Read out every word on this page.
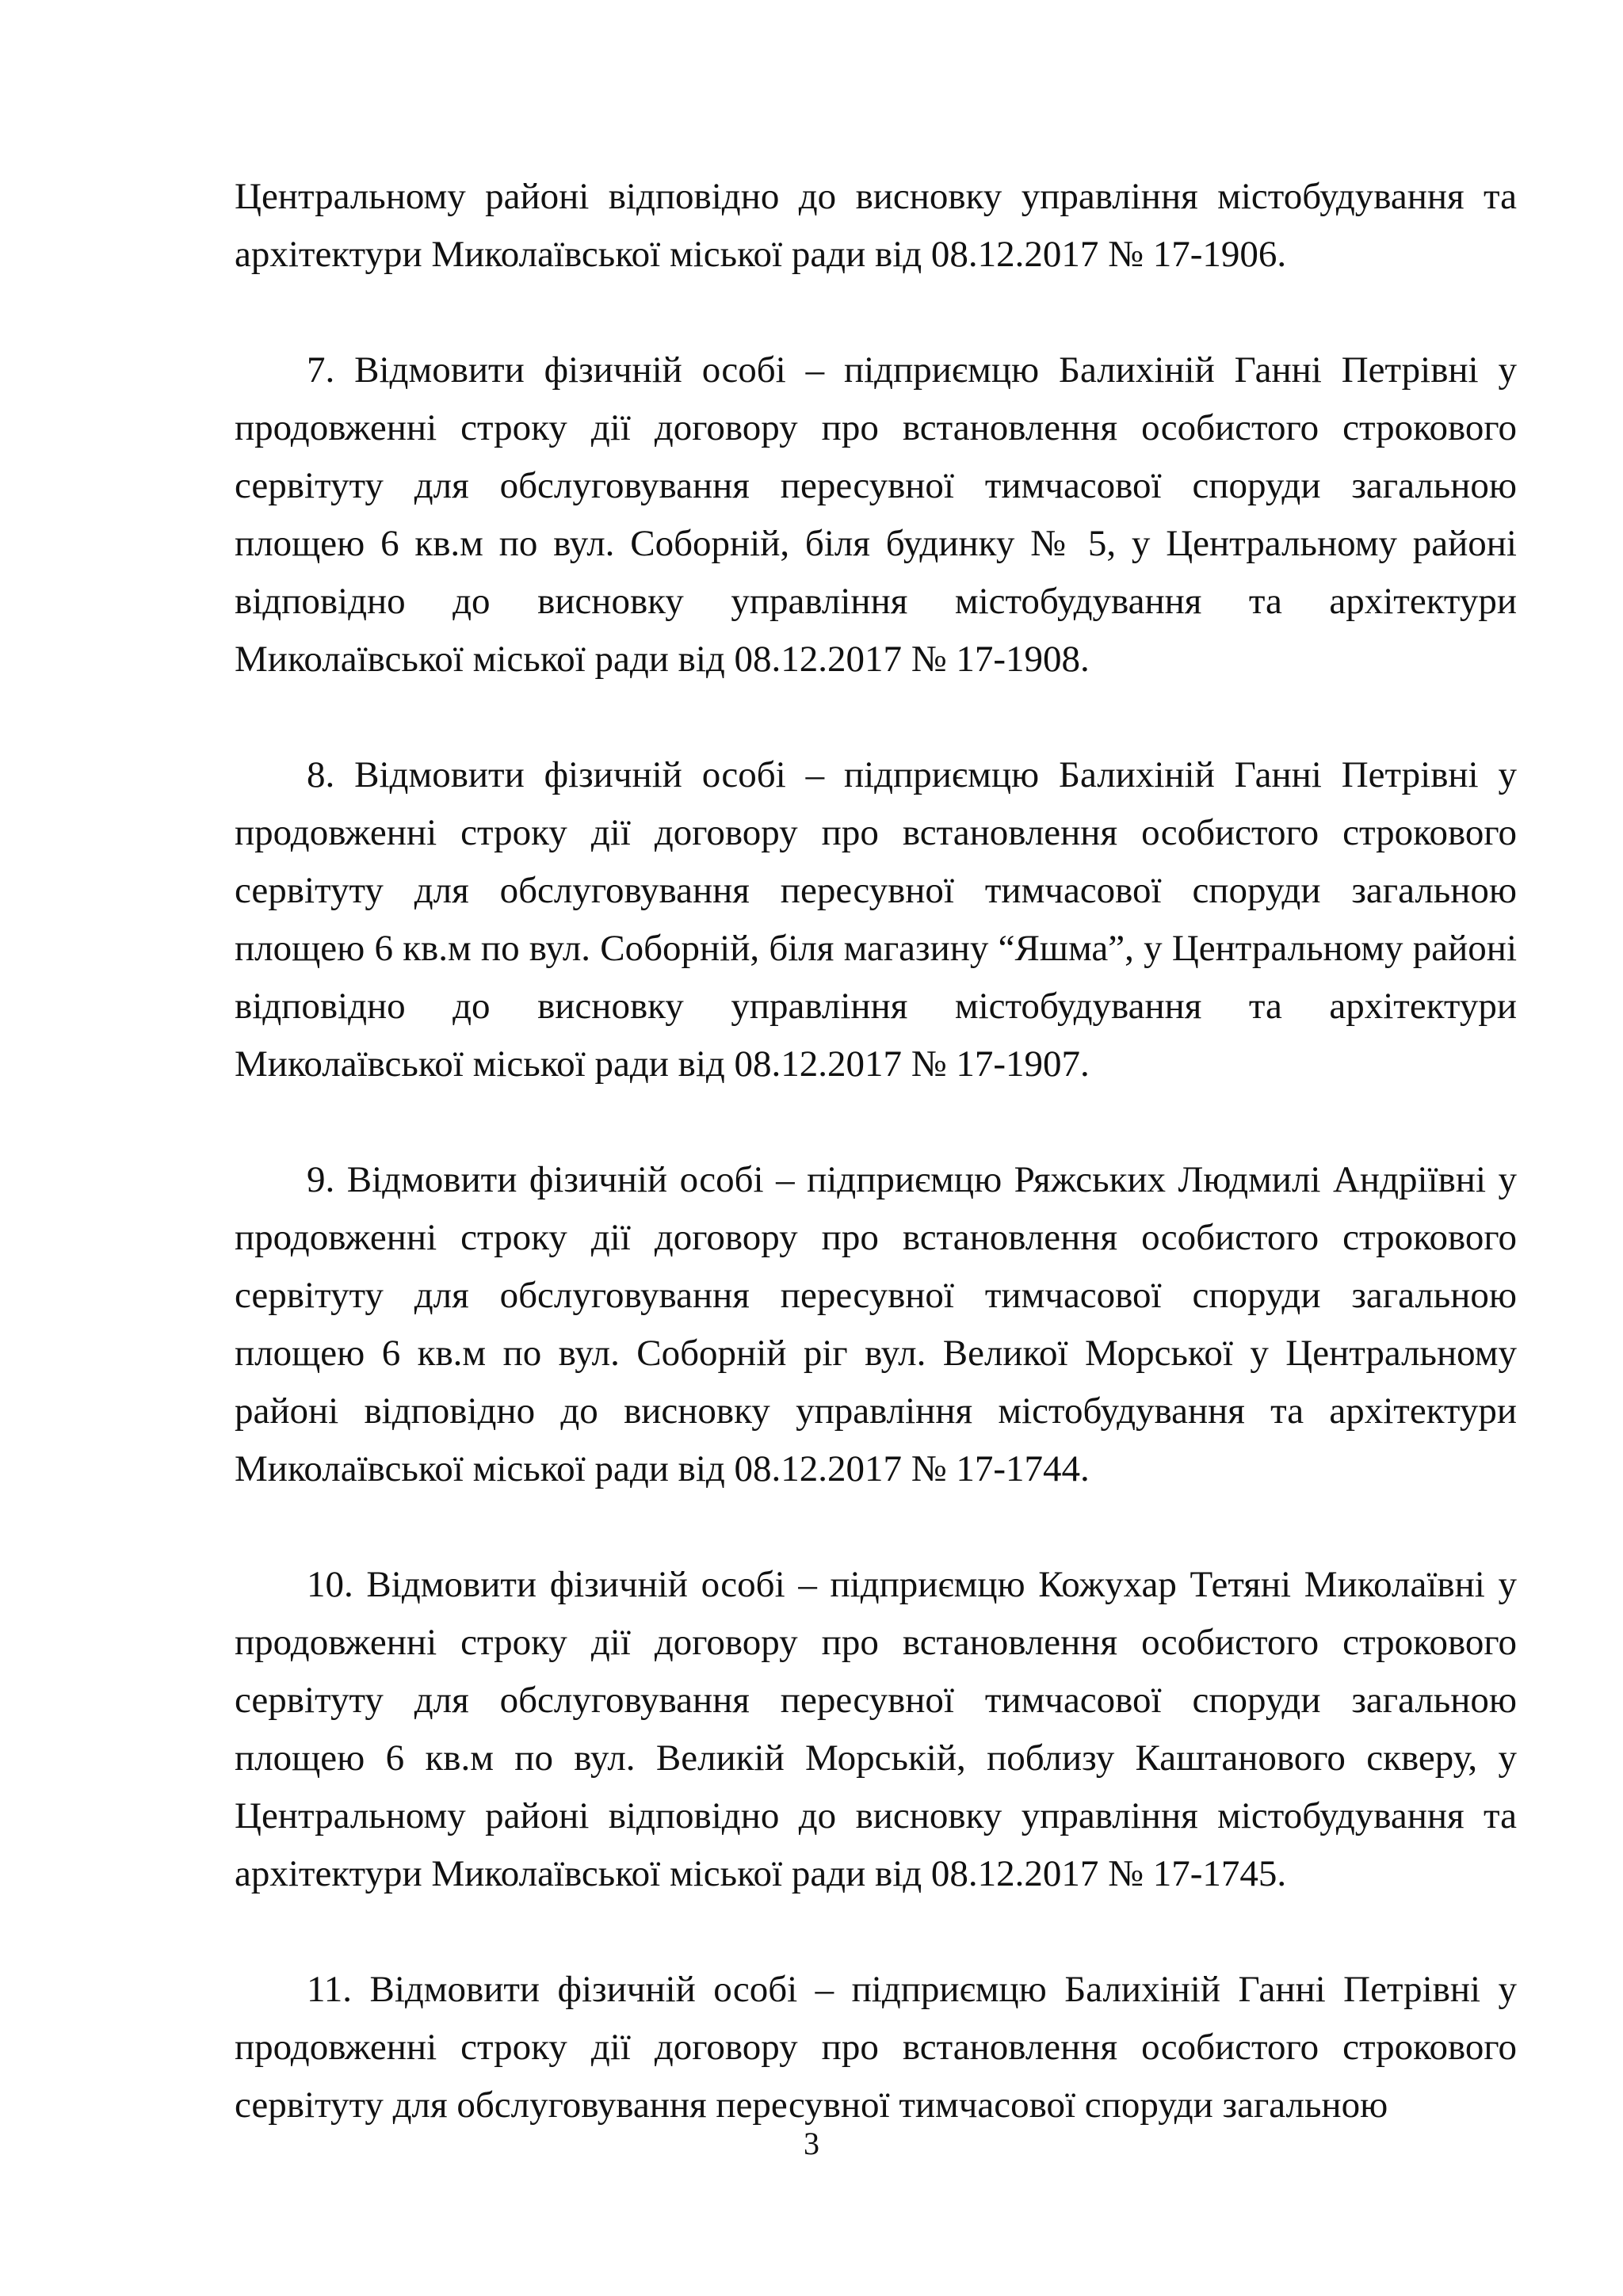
Центральному районі відповідно до висновку управління містобудування та архітектури Миколаївської міської ради від 08.12.2017 № 17-1906.

7. Відмовити фізичній особі – підприємцю Балихіній Ганні Петрівні у продовженні строку дії договору про встановлення особистого строкового сервітуту для обслуговування пересувної тимчасової споруди загальною площею 6 кв.м по вул. Соборній, біля будинку № 5, у Центральному районі відповідно до висновку управління містобудування та архітектури Миколаївської міської ради від 08.12.2017 № 17-1908.

8. Відмовити фізичній особі – підприємцю Балихіній Ганні Петрівні у продовженні строку дії договору про встановлення особистого строкового сервітуту для обслуговування пересувної тимчасової споруди загальною площею 6 кв.м по вул. Соборній, біля магазину “Яшма”, у Центральному районі відповідно до висновку управління містобудування та архітектури Миколаївської міської ради від 08.12.2017 № 17-1907.

9. Відмовити фізичній особі – підприємцю Ряжських Людмилі Андріївні у продовженні строку дії договору про встановлення особистого строкового сервітуту для обслуговування пересувної тимчасової споруди загальною площею 6 кв.м по вул. Соборній ріг вул. Великої Морської у Центральному районі відповідно до висновку управління містобудування та архітектури Миколаївської міської ради від 08.12.2017 № 17-1744.

10. Відмовити фізичній особі – підприємцю Кожухар Тетяні Миколаївні у продовженні строку дії договору про встановлення особистого строкового сервітуту для обслуговування пересувної тимчасової споруди загальною площею 6 кв.м по вул. Великій Морській, поблизу Каштанового скверу, у Центральному районі відповідно до висновку управління містобудування та архітектури Миколаївської міської ради від 08.12.2017 № 17-1745.

11. Відмовити фізичній особі – підприємцю Балихіній Ганні Петрівні у продовженні строку дії договору про встановлення особистого строкового сервітуту для обслуговування пересувної тимчасової споруди загальною

3
